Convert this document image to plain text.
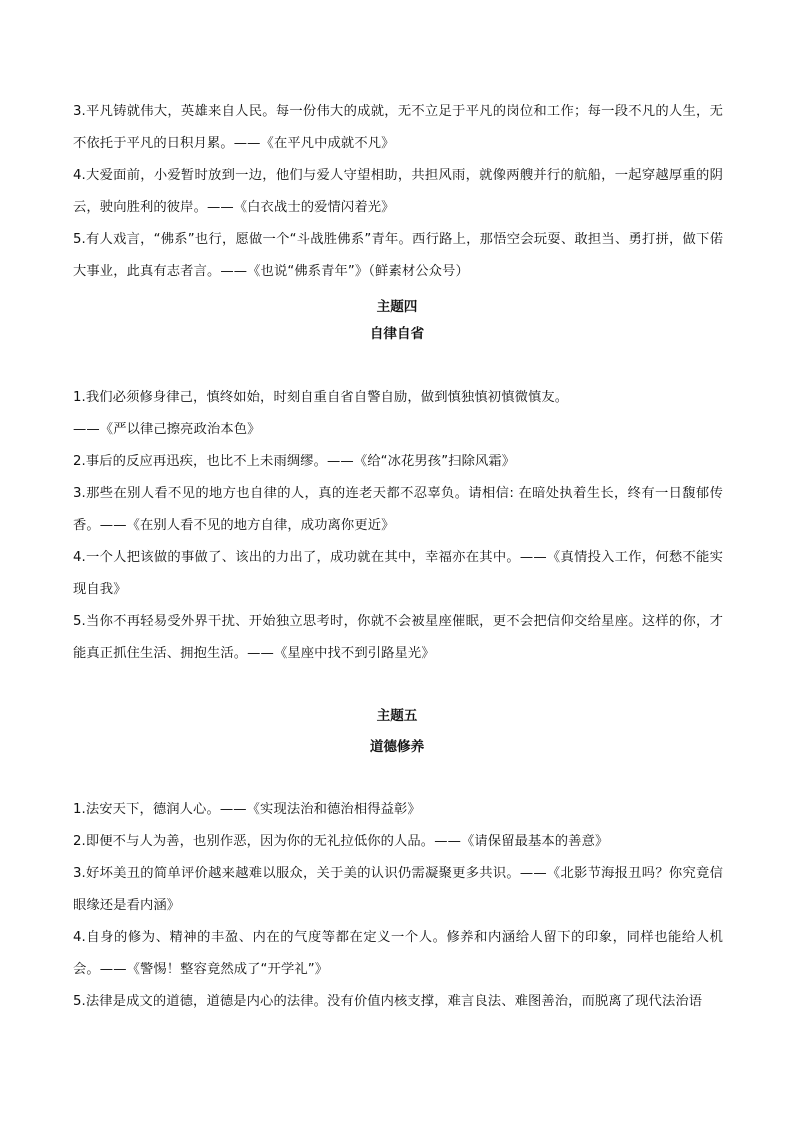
3.平凡铸就伟大，英雄来自人民。每一份伟大的成就，无不立足于平凡的岗位和工作；每一段不凡的人生，无不依托于平凡的日积月累。——《在平凡中成就不凡》
4.大爱面前，小爱暂时放到一边，他们与爱人守望相助，共担风雨，就像两艘并行的航船，一起穿越厚重的阴云，驶向胜利的彼岸。——《白衣战士的爱情闪着光》
5.有人戏言，“佛系”也行，愿做一个“斗战胜佛系”青年。西行路上，那悟空会玩耍、敢担当、勇打拼，做下偌大事业，此真有志者言。——《也说“佛系青年”》（鲜素材公众号）
主题四
自律自省
1.我们必须修身律己，慎终如始，时刻自重自省自警自励，做到慎独慎初慎微慎友。
——《严以律己擦亮政治本色》
2.事后的反应再迅疾，也比不上未雨绸缪。——《给“冰花男孩”扫除风霜》
3.那些在别人看不见的地方也自律的人，真的连老天都不忍辜负。请相信: 在暗处执着生长，终有一日馥郁传香。——《在别人看不见的地方自律，成功离你更近》
4.一个人把该做的事做了、该出的力出了，成功就在其中，幸福亦在其中。——《真情投入工作，何愁不能实现自我》
5.当你不再轻易受外界干扰、开始独立思考时，你就不会被星座催眠，更不会把信仰交给星座。这样的你，才能真正抓住生活、拥抱生活。——《星座中找不到引路星光》
主题五
道德修养
1.法安天下，德润人心。——《实现法治和德治相得益彰》
2.即便不与人为善，也别作恶，因为你的无礼拉低你的人品。——《请保留最基本的善意》
3.好坏美丑的简单评价越来越难以服众，关于美的认识仍需凝聚更多共识。——《北影节海报丑吗？你究竟信眼缘还是看内涵》
4.自身的修为、精神的丰盈、内在的气度等都在定义一个人。修养和内涵给人留下的印象，同样也能给人机会。——《警惕！整容竟然成了“开学礼”》
5.法律是成文的道德，道德是内心的法律。没有价值内核支撑，难言良法、难图善治，而脱离了现代法治语
